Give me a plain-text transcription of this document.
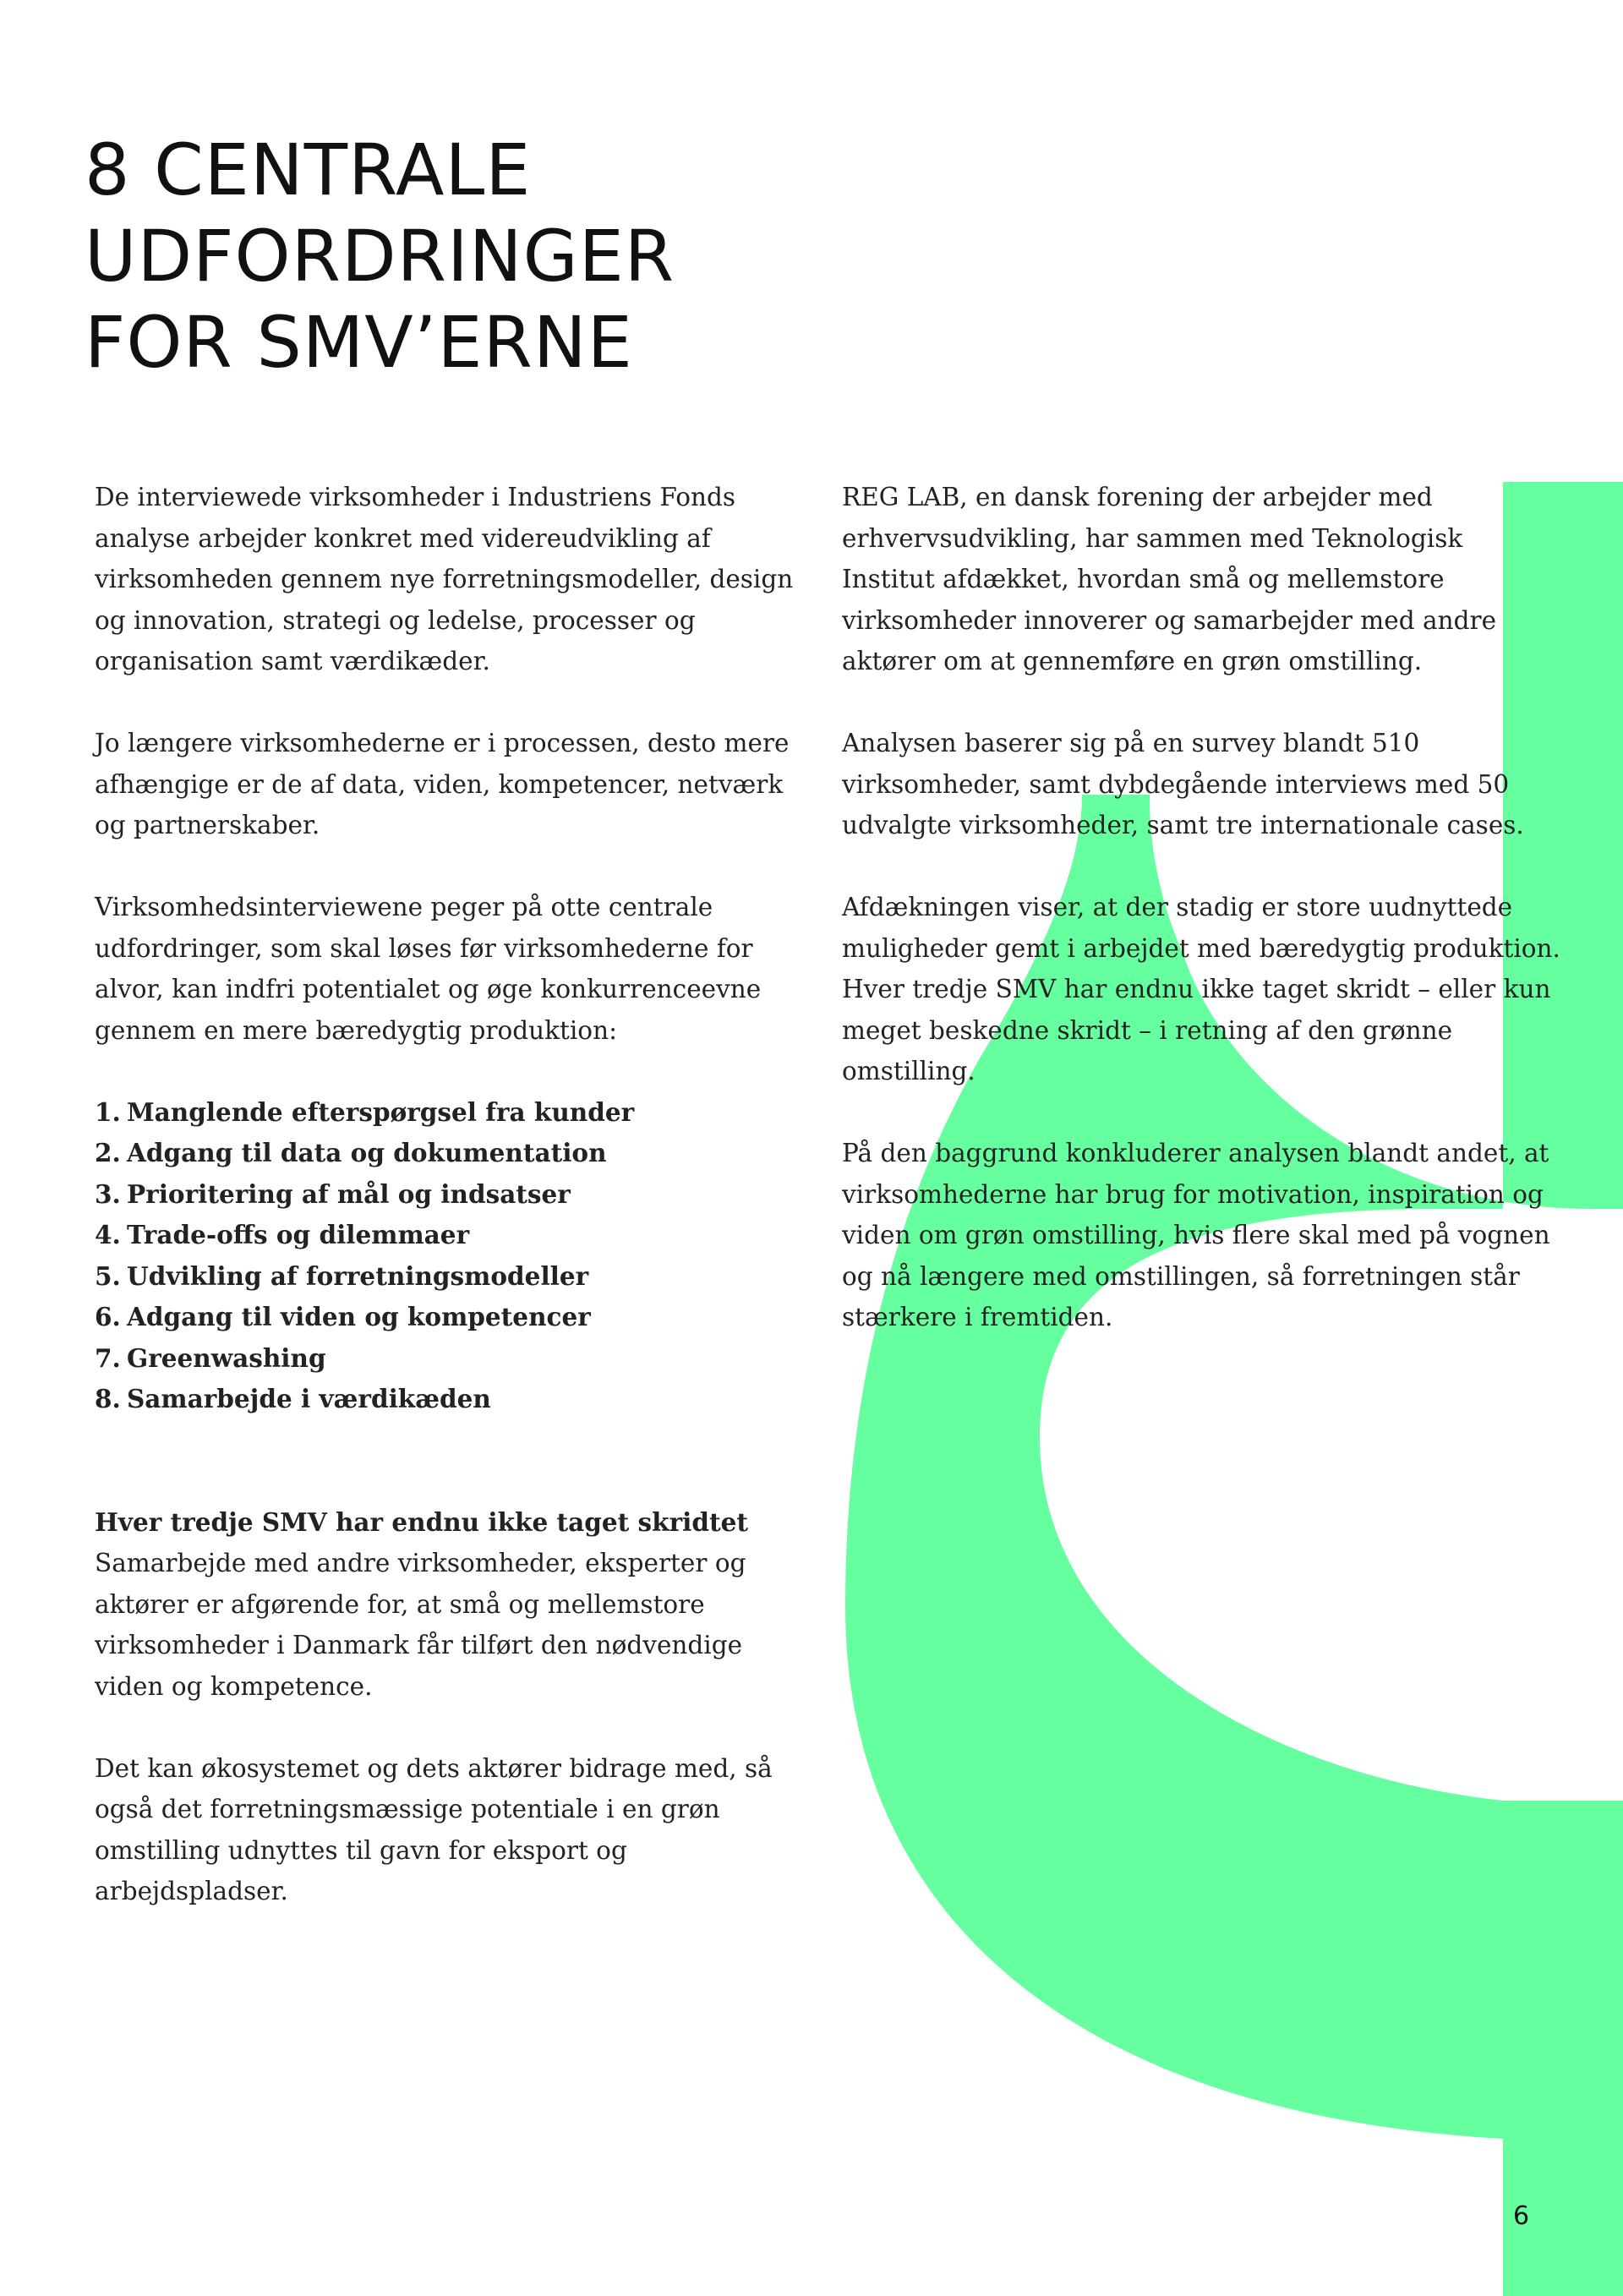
8 CENTRALE
UDFORDRINGER
FOR SMV’ERNE

De interviewede virksomheder i Industriens Fonds analyse arbejder konkret med videreudvikling af virksomheden gennem nye forretningsmodeller, design og innovation, strategi og ledelse, processer og organisation samt værdikæder.

Jo længere virksomhederne er i processen, desto mere afhængige er de af data, viden, kompetencer, netværk og partnerskaber.

Virksomhedsinterviewene peger på otte centrale udfordringer, som skal løses før virksomhederne for alvor, kan indfri potentialet og øge konkurrenceevne gennem en mere bæredygtig produktion:

1. Manglende efterspørgsel fra kunder
2. Adgang til data og dokumentation
3. Prioritering af mål og indsatser
4. Trade-offs og dilemmaer
5. Udvikling af forretningsmodeller
6. Adgang til viden og kompetencer
7. Greenwashing
8. Samarbejde i værdikæden

Hver tredje SMV har endnu ikke taget skridtet
Samarbejde med andre virksomheder, eksperter og aktører er afgørende for, at små og mellemstore virksomheder i Danmark får tilført den nødvendige viden og kompetence.

Det kan økosystemet og dets aktører bidrage med, så også det forretningsmæssige potentiale i en grøn omstilling udnyttes til gavn for eksport og arbejdspladser.

REG LAB, en dansk forening der arbejder med erhvervsudvikling, har sammen med Teknologisk Institut afdækket, hvordan små og mellemstore virksomheder innoverer og samarbejder med andre aktører om at gennemføre en grøn omstilling.

Analysen baserer sig på en survey blandt 510 virksomheder, samt dybdegående interviews med 50 udvalgte virksomheder, samt tre internationale cases.

Afdækningen viser, at der stadig er store uudnyttede muligheder gemt i arbejdet med bæredygtig produktion. Hver tredje SMV har endnu ikke taget skridt – eller kun meget beskedne skridt – i retning af den grønne omstilling.

På den baggrund konkluderer analysen blandt andet, at virksomhederne har brug for motivation, inspiration og viden om grøn omstilling, hvis flere skal med på vognen og nå længere med omstillingen, så forretningen står stærkere i fremtiden.

6
